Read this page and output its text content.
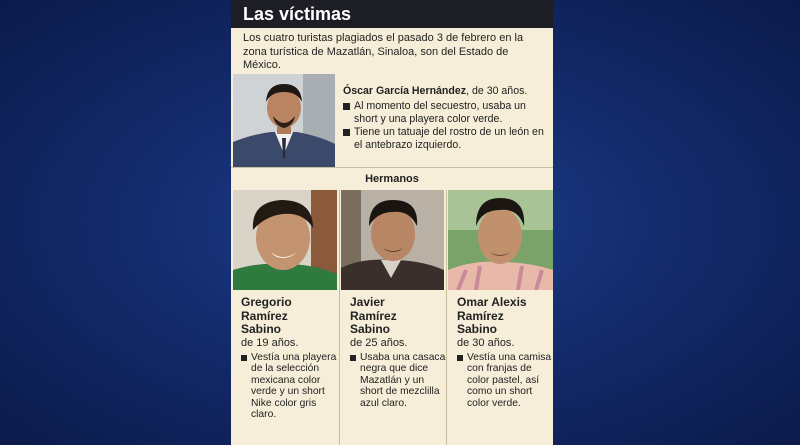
Las víctimas
Los cuatro turistas plagiados el pasado 3 de febrero en la zona turística de Mazatlán, Sinaloa, son del Estado de México.
Óscar García Hernández, de 30 años.
Al momento del secuestro, usaba un short y una playera color verde.
Tiene un tatuaje del rostro de un león en el antebrazo izquierdo.
Hermanos
Gregorio Ramírez Sabino
de 19 años.
Vestía una playera de la selección mexicana color verde y un short Nike color gris claro.
Javier Ramírez Sabino
de 25 años.
Usaba una casaca negra que dice Mazatlán y un short de mezclilla azul claro.
Omar Alexis Ramírez Sabino
de 30 años.
Vestía una camisa con franjas de color pastel, así como un short color verde.
